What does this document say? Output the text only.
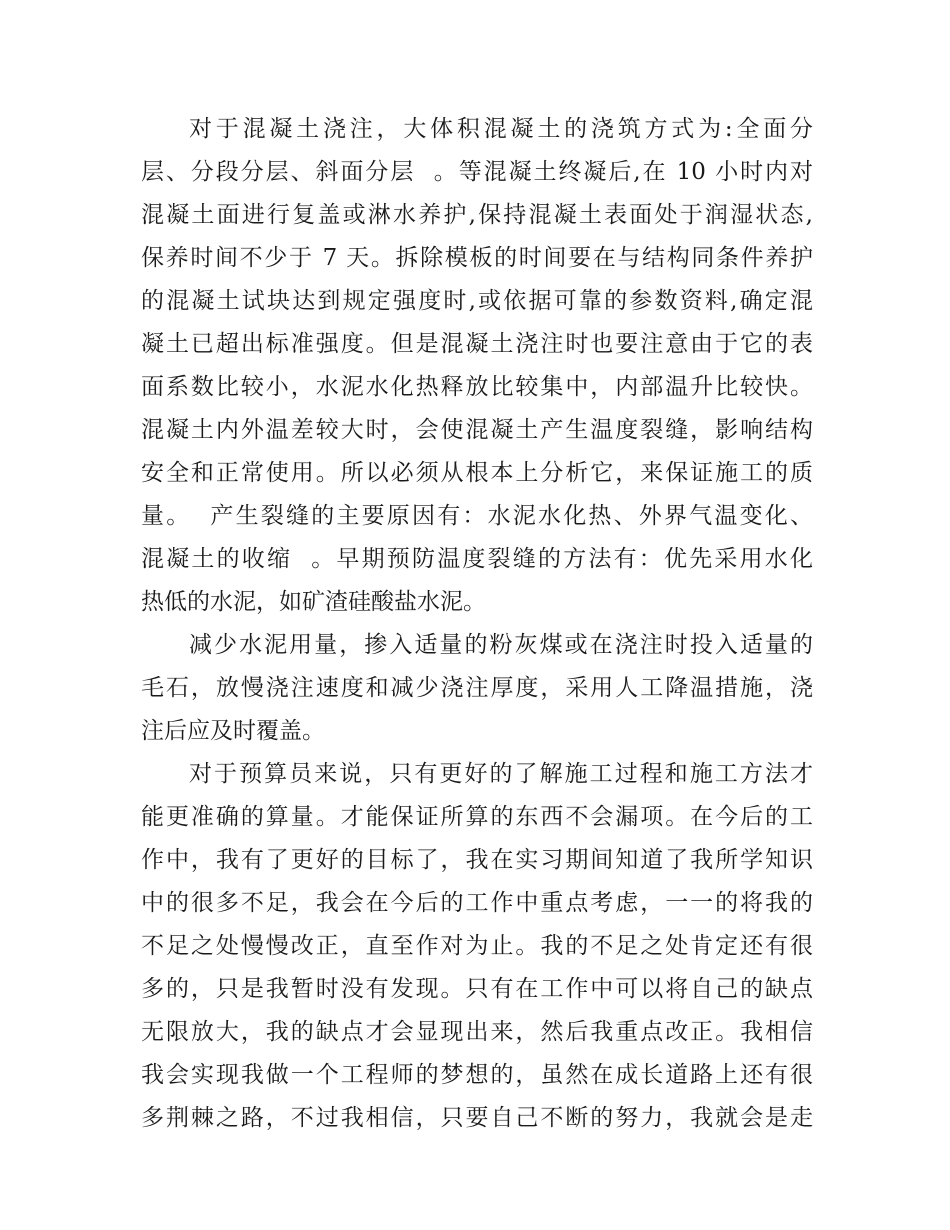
对于混凝土浇注，大体积混凝土的浇筑方式为:全面分
层、分段分层、斜面分层  。等混凝土终凝后,在 10 小时内对
混凝土面进行复盖或淋水养护,保持混凝土表面处于润湿状态,
保养时间不少于 7 天。拆除模板的时间要在与结构同条件养护
的混凝土试块达到规定强度时,或依据可靠的参数资料,确定混
凝土已超出标准强度。但是混凝土浇注时也要注意由于它的表
面系数比较小，水泥水化热释放比较集中，内部温升比较快。
混凝土内外温差较大时，会使混凝土产生温度裂缝，影响结构
安全和正常使用。所以必须从根本上分析它，来保证施工的质
量。  产生裂缝的主要原因有：水泥水化热、外界气温变化、
混凝土的收缩  。早期预防温度裂缝的方法有：优先采用水化
热低的水泥，如矿渣硅酸盐水泥。
减少水泥用量，掺入适量的粉灰煤或在浇注时投入适量的
毛石，放慢浇注速度和减少浇注厚度，采用人工降温措施，浇
注后应及时覆盖。
对于预算员来说，只有更好的了解施工过程和施工方法才
能更准确的算量。才能保证所算的东西不会漏项。在今后的工
作中，我有了更好的目标了，我在实习期间知道了我所学知识
中的很多不足，我会在今后的工作中重点考虑，一一的将我的
不足之处慢慢改正，直至作对为止。我的不足之处肯定还有很
多的，只是我暂时没有发现。只有在工作中可以将自己的缺点
无限放大，我的缺点才会显现出来，然后我重点改正。我相信
我会实现我做一个工程师的梦想的，虽然在成长道路上还有很
多荆棘之路，不过我相信，只要自己不断的努力，我就会是走
